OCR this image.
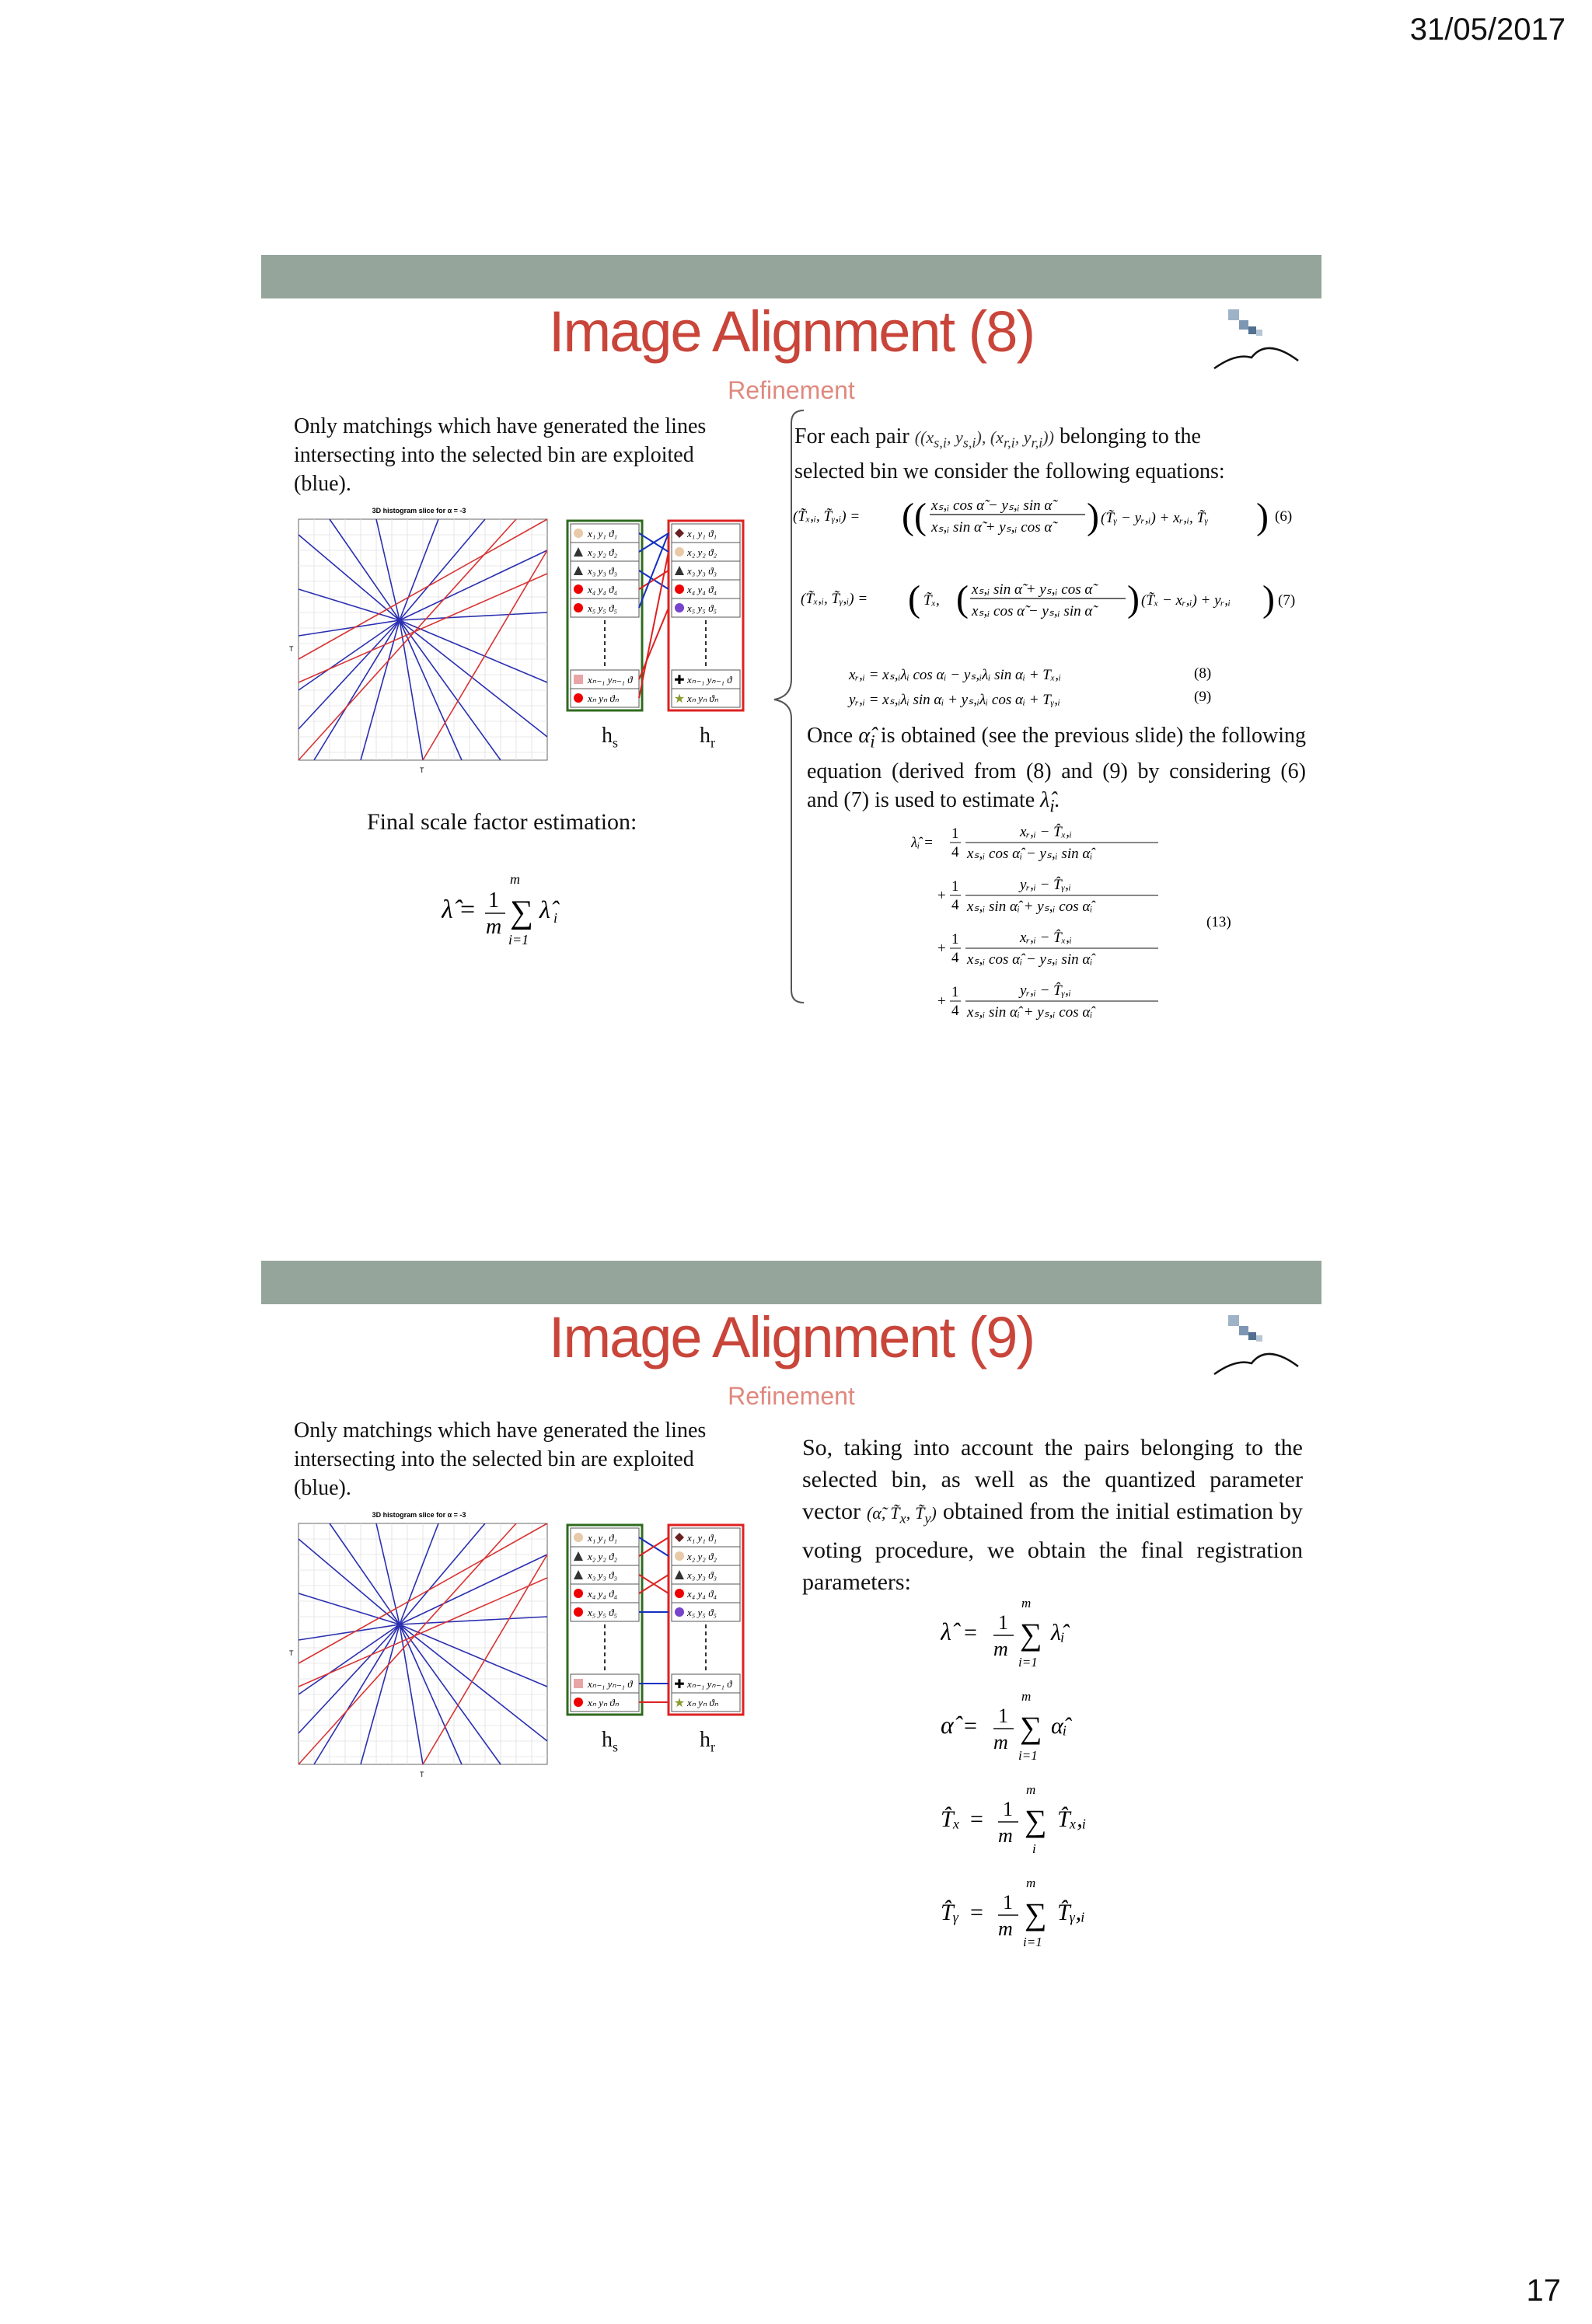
31/05/2017
Image Alignment (8)
Refinement
Only matchings which have generated the lines intersecting into the selected bin are exploited (blue).
3D histogram slice for α = -3
T
T
x₁ y₁ ϑ₁
x₂ y₂ ϑ₂
x₃ y₃ ϑ₃
x₄ y₄ ϑ₄
x₅ y₅ ϑ₅
xₙ₋₁ yₙ₋₁ ϑ
xₙ yₙ ϑₙ
x₁ y₁ ϑ₁
x₂ y₂ ϑ₂
x₃ y₃ ϑ₃
x₄ y₄ ϑ₄
x₅ y₅ ϑ₅
xₙ₋₁ yₙ₋₁ ϑ
xₙ yₙ ϑₙ
✚
★
$h_s$	$h_r$
Final scale factor estimation:
λ̂ = 1
m
m
∑
i=1
λ̂ i
For each pair (($x_{s,i}$, $y_{s,i}$), ($x_{r,i}$, $y_{r,i}$)) belonging to the
selected bin we consider the following equations:
(T̃ₓ,ᵢ, T̃ᵧ,ᵢ) = (( xₛ,ᵢ cos α̃ − yₛ,ᵢ sin α̃
xₛ,ᵢ sin α̃ + yₛ,ᵢ cos α̃ ) (T̃ᵧ − yᵣ,ᵢ) + xᵣ,ᵢ, T̃ᵧ ) (6)
(T̃ₓ,ᵢ, T̃ᵧ,ᵢ) = ( T̃ₓ, ( xₛ,ᵢ sin α̃ + yₛ,ᵢ cos α̃
xₛ,ᵢ cos α̃ − yₛ,ᵢ sin α̃ ) (T̃ₓ − xᵣ,ᵢ) + yᵣ,ᵢ ) (7)
xᵣ,ᵢ = xₛ,ᵢλᵢ cos αᵢ − yₛ,ᵢλᵢ sin αᵢ + Tₓ,ᵢ	(8)
yᵣ,ᵢ = xₛ,ᵢλᵢ sin αᵢ + yₛ,ᵢλᵢ cos αᵢ + Tᵧ,ᵢ	(9)
Once $\alphâ_i$ is obtained (see the previous slide) the following equation (derived from (8) and (9) by considering (6) and (7) is used to estimate $\lambdâ_i$.
λ̂ᵢ =
1
4
xᵣ,ᵢ − T̂ₓ,ᵢ
xₛ,ᵢ cos α̂ᵢ − yₛ,ᵢ sin α̂ᵢ
+
1
4
yᵣ,ᵢ − T̂ᵧ,ᵢ
xₛ,ᵢ sin α̂ᵢ + yₛ,ᵢ cos α̂ᵢ
+
1
4
xᵣ,ᵢ − T̂ₓ,ᵢ
xₛ,ᵢ cos α̂ᵢ − yₛ,ᵢ sin α̂ᵢ
+
1
4
yᵣ,ᵢ − T̂ᵧ,ᵢ
xₛ,ᵢ sin α̂ᵢ + yₛ,ᵢ cos α̂ᵢ
(13)
Image Alignment (9)
Refinement
Only matchings which have generated the lines intersecting into the selected bin are exploited (blue).
3D histogram slice for α = -3
T
T
x₁ y₁ ϑ₁
x₂ y₂ ϑ₂
x₃ y₃ ϑ₃
x₄ y₄ ϑ₄
x₅ y₅ ϑ₅
xₙ₋₁ yₙ₋₁ ϑ
xₙ yₙ ϑₙ
x₁ y₁ ϑ₁
x₂ y₂ ϑ₂
x₃ y₃ ϑ₃
x₄ y₄ ϑ₄
x₅ y₅ ϑ₅
xₙ₋₁ yₙ₋₁ ϑ
xₙ yₙ ϑₙ
✚
★
$h_s$	$h_r$
So, taking into account the pairs belonging to the selected bin, as well as the quantized parameter vector (α̃, $T̃_x$, $T̃_y$) obtained from the initial estimation by voting procedure, we obtain the final registration parameters:
λ̂ = 1
m
m
∑
i=1
λ̂ᵢ
α̂ = 1
m
m
∑
i=1
α̂ᵢ
T̂ₓ = 1
m
m
∑
i
T̂ₓ,ᵢ
T̂ᵧ = 1
m
m
∑
i=1
T̂ᵧ,ᵢ
17
